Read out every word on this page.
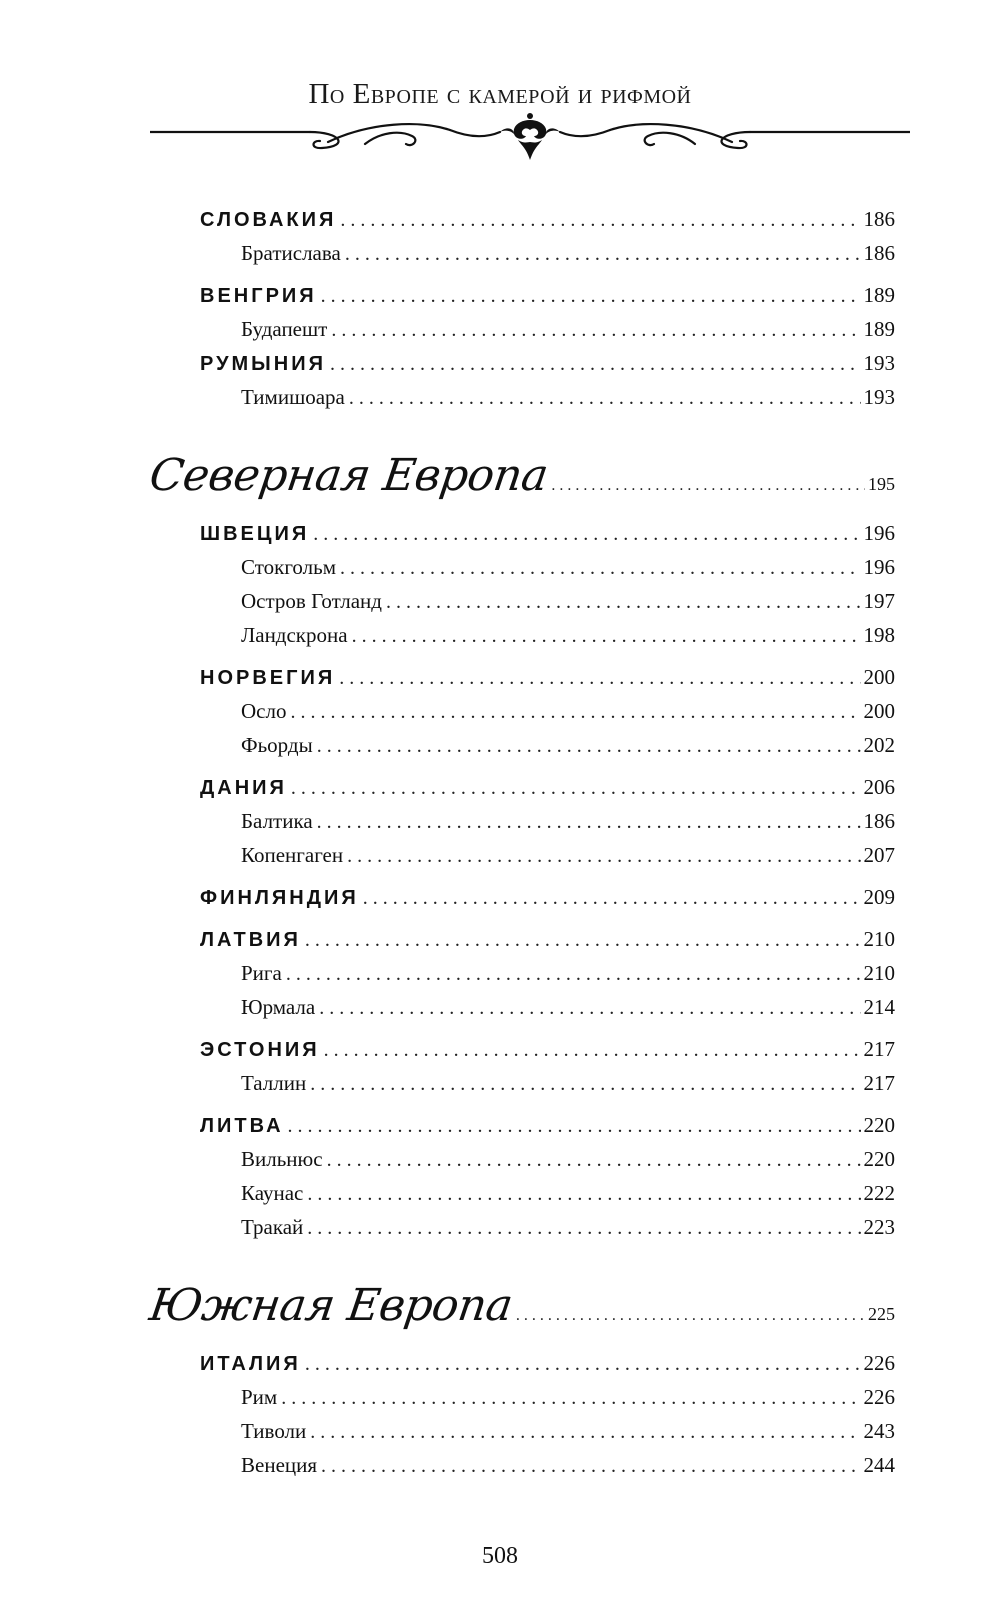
По Европе с камерой и рифмой
СЛОВАКИЯ . . .	186
Братислава . . .	186
ВЕНГРИЯ . . .	189
Будапешт . . .	189
РУМЫНИЯ . . .	193
Тимишоара . . .	193
Северная Европа . . .	195
ШВЕЦИЯ . . .	196
Стокгольм . . .	196
Остров Готланд . . .	197
Ландскрона . . .	198
НОРВЕГИЯ . . .	200
Осло . . .	200
Фьорды . . .	202
ДАНИЯ . . .	206
Балтика . . .	186
Копенгаген . . .	207
ФИНЛЯНДИЯ . . .	209
ЛАТВИЯ . . .	210
Рига . . .	210
Юрмала . . .	214
ЭСТОНИЯ . . .	217
Таллин . . .	217
ЛИТВА . . .	220
Вильнюс . . .	220
Каунас . . .	222
Тракай . . .	223
Южная Европа . . .	225
ИТАЛИЯ . . .	226
Рим . . .	226
Тиволи . . .	243
Венеция . . .	244
508
